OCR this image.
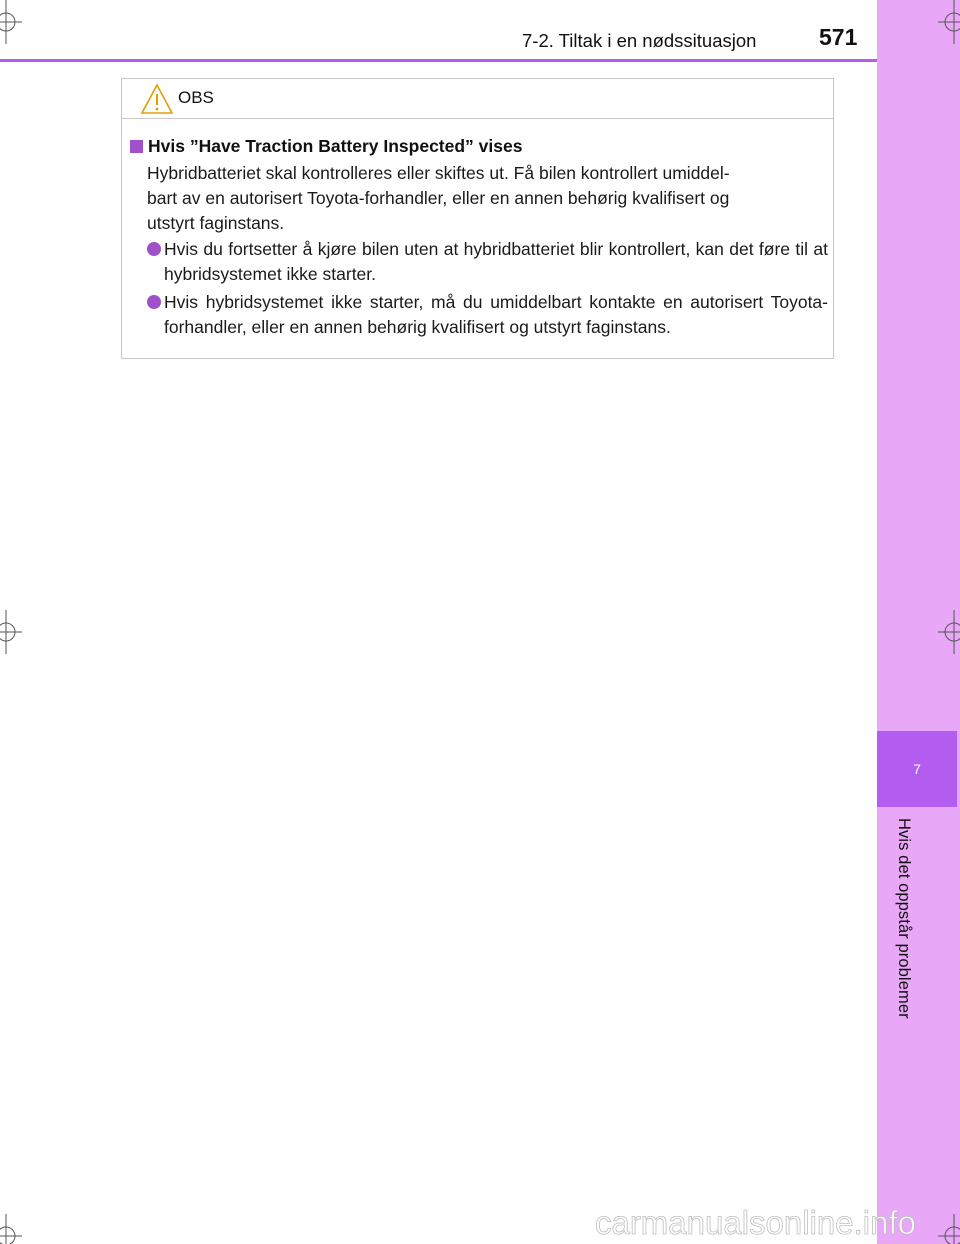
7
Hvis det oppstår problemer
7-2. Tiltak i en nødssituasjon	571
OBS
Hvis ”Have Traction Battery Inspected” vises
Hybridbatteriet skal kontrolleres eller skiftes ut. Få bilen kontrollert umiddel-
bart av en autorisert Toyota-forhandler, eller en annen behørig kvalifisert og
utstyrt faginstans.
Hvis du fortsetter å kjøre bilen uten at hybridbatteriet blir kontrollert, kan det føre til at hybridsystemet ikke starter.
Hvis hybridsystemet ikke starter, må du umiddelbart kontakte en autorisert Toyota-forhandler, eller en annen behørig kvalifisert og utstyrt faginstans.
carmanualsonline.info
